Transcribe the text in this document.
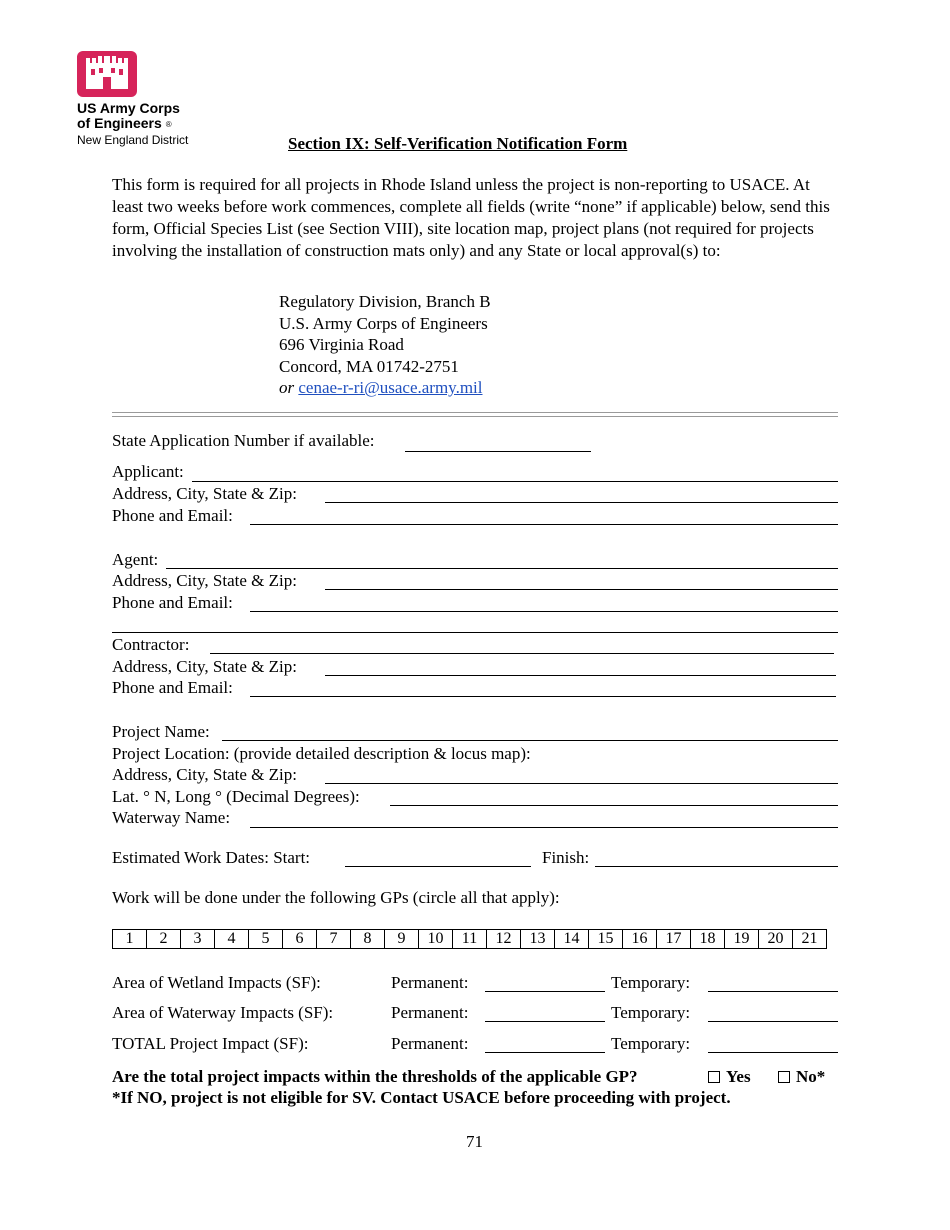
US Army Corps
of Engineers ®
New England District	Section IX: Self-Verification Notification Form
This form is required for all projects in Rhode Island unless the project is non-reporting to USACE. At least two weeks before work commences, complete all fields (write “none” if applicable) below, send this form, Official Species List (see Section VIII), site location map, project plans (not required for projects involving the installation of construction mats only) and any State or local approval(s) to:
Regulatory Division, Branch B
U.S. Army Corps of Engineers
696 Virginia Road
Concord, MA 01742-2751
or cenae-r-ri@usace.army.mil
State Application Number if available:
Applicant:
Address, City, State & Zip:
Phone and Email:
Agent:
Address, City, State & Zip:
Phone and Email:
Contractor:
Address, City, State & Zip:
Phone and Email:
Project Name:
Project Location: (provide detailed description & locus map):
Address, City, State & Zip:
Lat. ° N, Long ° (Decimal Degrees):
Waterway Name:
Estimated Work Dates: Start:	Finish:
Work will be done under the following GPs (circle all that apply):
1	2	3	4	5	6	7	8	9	10	11	12	13	14	15	16	17	18	19	20	21
Area of Wetland Impacts (SF):	Permanent:	Temporary:
Area of Waterway Impacts (SF):	Permanent:	Temporary:
TOTAL Project Impact (SF):	Permanent:	Temporary:
Are the total project impacts within the thresholds of the applicable GP?	Yes	No*
*If NO, project is not eligible for SV. Contact USACE before proceeding with project.
71
